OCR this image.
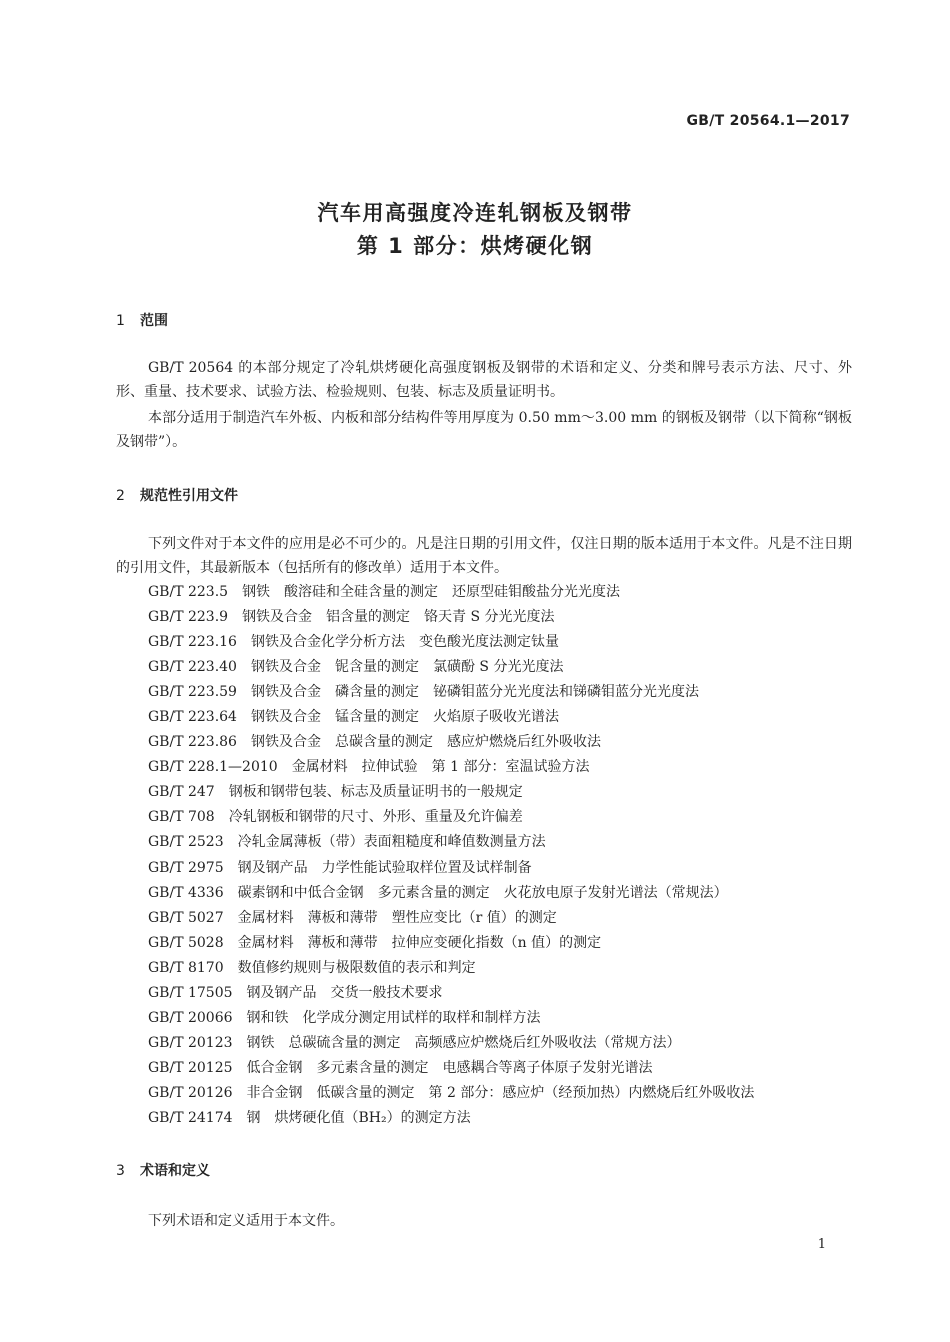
GB/T 20564.1—2017
汽车用高强度冷连轧钢板及钢带
第 1 部分：烘烤硬化钢
1 范围
GB/T 20564 的本部分规定了冷轧烘烤硬化高强度钢板及钢带的术语和定义、分类和牌号表示方法、尺寸、外形、重量、技术要求、试验方法、检验规则、包装、标志及质量证明书。
本部分适用于制造汽车外板、内板和部分结构件等用厚度为 0.50 mm～3.00 mm 的钢板及钢带（以下简称“钢板及钢带”）。
2 规范性引用文件
下列文件对于本文件的应用是必不可少的。凡是注日期的引用文件，仅注日期的版本适用于本文件。凡是不注日期的引用文件，其最新版本（包括所有的修改单）适用于本文件。
GB/T 223.5 钢铁　酸溶硅和全硅含量的测定　还原型硅钼酸盐分光光度法
GB/T 223.9 钢铁及合金　铝含量的测定　铬天青 S 分光光度法
GB/T 223.16 钢铁及合金化学分析方法　变色酸光度法测定钛量
GB/T 223.40 钢铁及合金　铌含量的测定　氯磺酚 S 分光光度法
GB/T 223.59 钢铁及合金　磷含量的测定　铋磷钼蓝分光光度法和锑磷钼蓝分光光度法
GB/T 223.64 钢铁及合金　锰含量的测定　火焰原子吸收光谱法
GB/T 223.86 钢铁及合金　总碳含量的测定　感应炉燃烧后红外吸收法
GB/T 228.1—2010 金属材料　拉伸试验　第 1 部分：室温试验方法
GB/T 247 钢板和钢带包装、标志及质量证明书的一般规定
GB/T 708 冷轧钢板和钢带的尺寸、外形、重量及允许偏差
GB/T 2523 冷轧金属薄板（带）表面粗糙度和峰值数测量方法
GB/T 2975 钢及钢产品　力学性能试验取样位置及试样制备
GB/T 4336 碳素钢和中低合金钢　多元素含量的测定　火花放电原子发射光谱法（常规法）
GB/T 5027 金属材料　薄板和薄带　塑性应变比（r 值）的测定
GB/T 5028 金属材料　薄板和薄带　拉伸应变硬化指数（n 值）的测定
GB/T 8170 数值修约规则与极限数值的表示和判定
GB/T 17505 钢及钢产品　交货一般技术要求
GB/T 20066 钢和铁　化学成分测定用试样的取样和制样方法
GB/T 20123 钢铁　总碳硫含量的测定　高频感应炉燃烧后红外吸收法（常规方法）
GB/T 20125 低合金钢　多元素含量的测定　电感耦合等离子体原子发射光谱法
GB/T 20126 非合金钢　低碳含量的测定　第 2 部分：感应炉（经预加热）内燃烧后红外吸收法
GB/T 24174 钢　烘烤硬化值（BH₂）的测定方法
3 术语和定义
下列术语和定义适用于本文件。
1
